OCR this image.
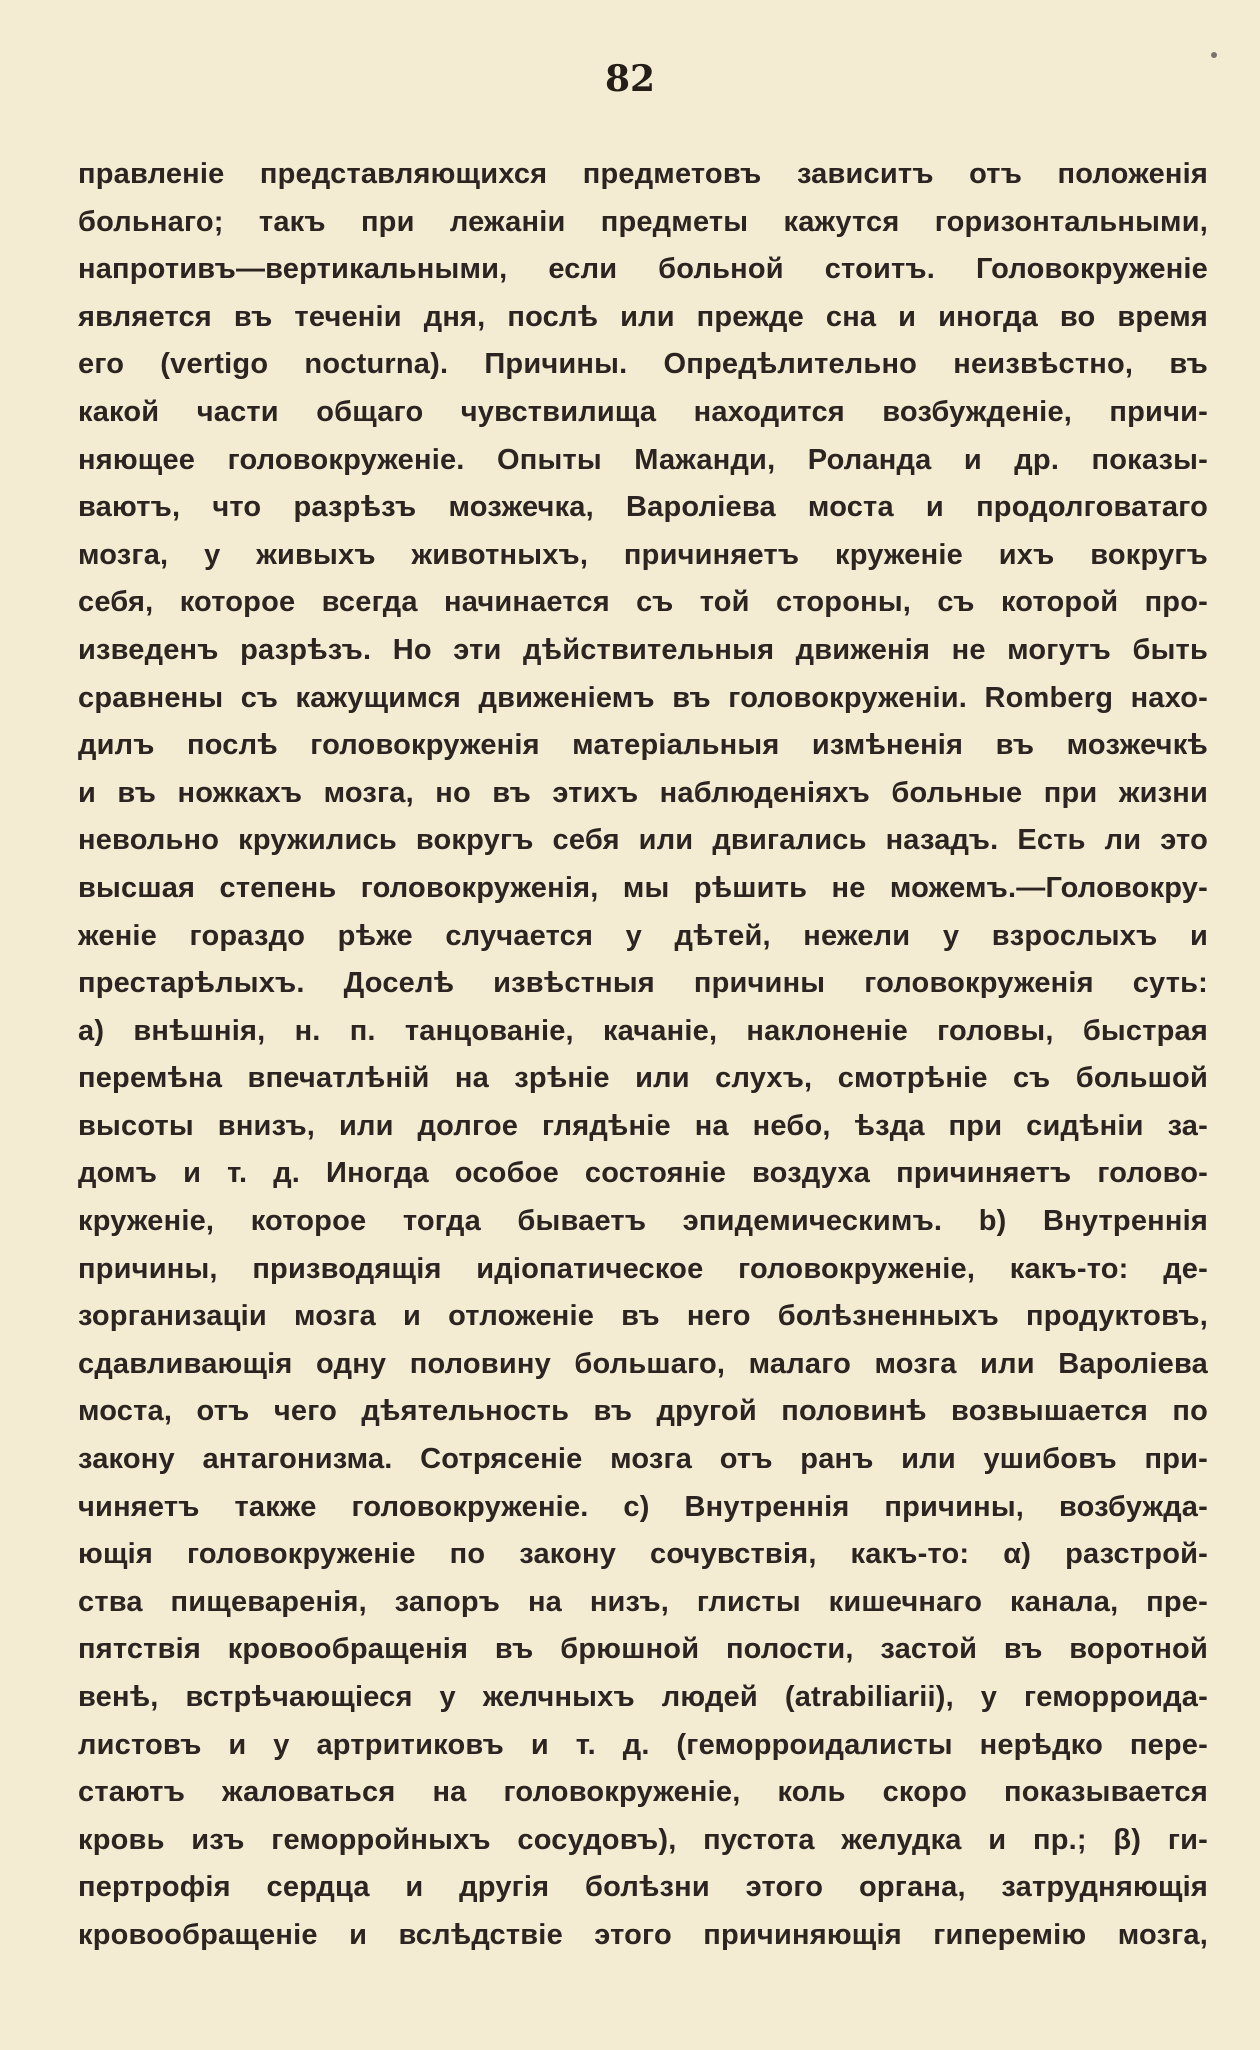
82
правленіе представляющихся предметовъ зависитъ отъ положенія
больнаго; такъ при лежаніи предметы кажутся горизонтальными,
напротивъ—вертикальными, если больной стоитъ. Головокруженіе
является въ теченіи дня, послѣ или прежде сна и иногда во время
его (vertigo nocturna). Причины. Опредѣлительно неизвѣстно, въ
какой части общаго чувствилища находится возбужденіе, причи-
няющее головокруженіе. Опыты Мажанди, Роланда и др. показы-
ваютъ, что разрѣзъ мозжечка, Вароліева моста и продолговатаго
мозга, у живыхъ животныхъ, причиняетъ круженіе ихъ вокругъ
себя, которое всегда начинается съ той стороны, съ которой про-
изведенъ разрѣзъ. Но эти дѣйствительныя движенія не могутъ быть
сравнены съ кажущимся движеніемъ въ головокруженіи. Romberg нахо-
дилъ послѣ головокруженія матеріальныя измѣненія въ мозжечкѣ
и въ ножкахъ мозга, но въ этихъ наблюденіяхъ больные при жизни
невольно кружились вокругъ себя или двигались назадъ. Есть ли это
высшая степень головокруженія, мы рѣшить не можемъ.—Головокру-
женіе гораздо рѣже случается у дѣтей, нежели у взрослыхъ и
престарѣлыхъ. Доселѣ извѣстныя причины головокруженія суть:
a) внѣшнія, н. п. танцованіе, качаніе, наклоненіе головы, быстрая
перемѣна впечатлѣній на зрѣніе или слухъ, смотрѣніе съ большой
высоты внизъ, или долгое глядѣніе на небо, ѣзда при сидѣніи за-
домъ и т. д. Иногда особое состояніе воздуха причиняетъ голово-
круженіе, которое тогда бываетъ эпидемическимъ. b) Внутреннія
причины, призводящія идіопатическое головокруженіе, какъ-то: де-
зорганизаціи мозга и отложеніе въ него болѣзненныхъ продуктовъ,
сдавливающія одну половину большаго, малаго мозга или Вароліева
моста, отъ чего дѣятельность въ другой половинѣ возвышается по
закону антагонизма. Сотрясеніе мозга отъ ранъ или ушибовъ при-
чиняетъ также головокруженіе. c) Внутреннія причины, возбужда-
ющія головокруженіе по закону сочувствія, какъ-то: α) разстрой-
ства пищеваренія, запоръ на низъ, глисты кишечнаго канала, пре-
пятствія кровообращенія въ брюшной полости, застой въ воротной
венѣ, встрѣчающіеся у желчныхъ людей (atrabiliarii), у геморроида-
листовъ и у артритиковъ и т. д. (геморроидалисты нерѣдко пере-
стаютъ жаловаться на головокруженіе, коль скоро показывается
кровь изъ геморройныхъ сосудовъ), пустота желудка и пр.; β) ги-
пертрофія сердца и другія болѣзни этого органа, затрудняющія
кровообращеніе и вслѣдствіе этого причиняющія гиперемію мозга,
